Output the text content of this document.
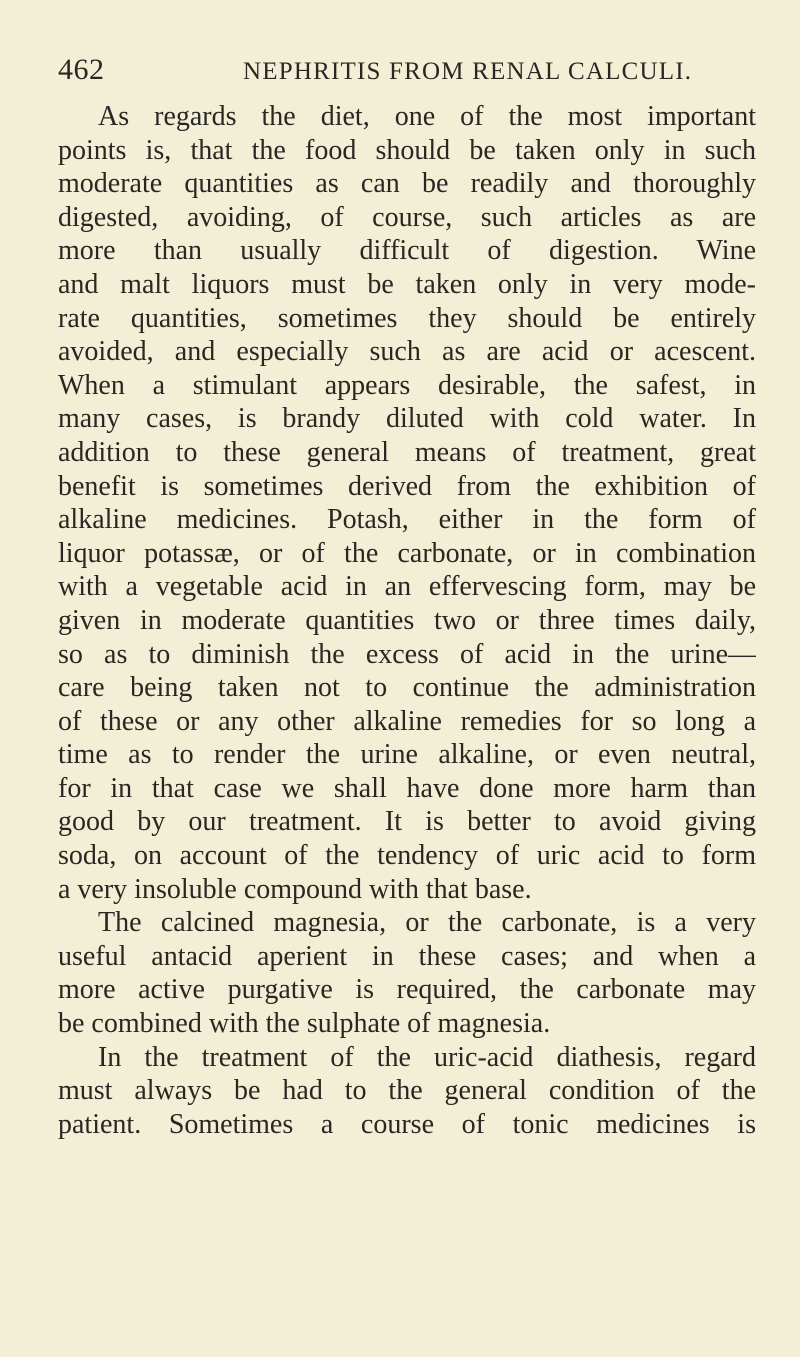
462	NEPHRITIS FROM RENAL CALCULI.
As regards the diet, one of the most important
points is, that the food should be taken only in such
moderate quantities as can be readily and thoroughly
digested, avoiding, of course, such articles as are
more than usually difficult of digestion. Wine
and malt liquors must be taken only in very mode-
rate quantities, sometimes they should be entirely
avoided, and especially such as are acid or acescent.
When a stimulant appears desirable, the safest, in
many cases, is brandy diluted with cold water. In
addition to these general means of treatment, great
benefit is sometimes derived from the exhibition of
alkaline medicines. Potash, either in the form of
liquor potassæ, or of the carbonate, or in combination
with a vegetable acid in an effervescing form, may be
given in moderate quantities two or three times daily,
so as to diminish the excess of acid in the urine—
care being taken not to continue the administration
of these or any other alkaline remedies for so long a
time as to render the urine alkaline, or even neutral,
for in that case we shall have done more harm than
good by our treatment. It is better to avoid giving
soda, on account of the tendency of uric acid to form
a very insoluble compound with that base.
The calcined magnesia, or the carbonate, is a very
useful antacid aperient in these cases; and when a
more active purgative is required, the carbonate may
be combined with the sulphate of magnesia.
In the treatment of the uric-acid diathesis, regard
must always be had to the general condition of the
patient. Sometimes a course of tonic medicines is
